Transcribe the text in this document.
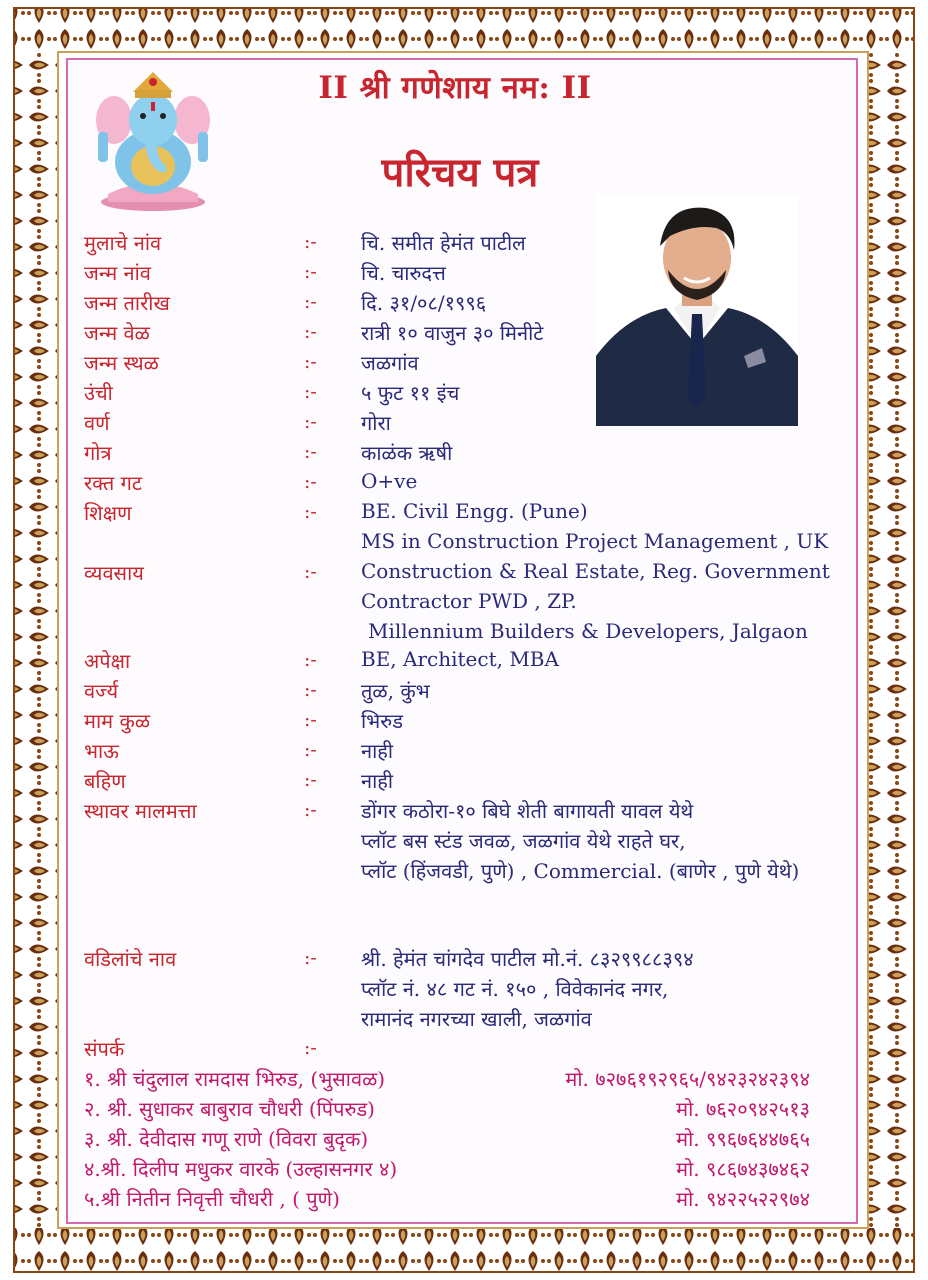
II श्री गणेशाय नम: II
परिचय पत्र
मुलाचे नांव	:- चि. समीत हेमंत पाटील
जन्म नांव	:- चि. चारुदत्त
जन्म तारीख	:- दि. ३१/०८/१९९६
जन्म वेळ	:- रात्री १० वाजुन ३० मिनीटे
जन्म स्थळ	:- जळगांव
उंची	:- ५ फुट ११ इंच
वर्ण	:- गोरा
गोत्र	:- काळंक ऋषी
रक्त गट	:- O+ve
शिक्षण	:- BE. Civil Engg. (Pune)
MS in Construction Project Management , UK
व्यवसाय	:- Construction & Real Estate, Reg. Government
Contractor PWD , ZP.
Millennium Builders & Developers, Jalgaon
अपेक्षा	:- BE, Architect, MBA
वर्ज्य	:- तुळ, कुंभ
माम कुळ	:- भिरुड
भाऊ	:- नाही
बहिण	:- नाही
स्थावर मालमत्ता	:- डोंगर कठोरा-१० बिघे शेती बागायती यावल येथे
प्लॉट बस स्टंड जवळ, जळगांव येथे राहते घर,
प्लॉट (हिंजवडी, पुणे) , Commercial. (बाणेर , पुणे येथे)
वडिलांचे नाव	:- श्री. हेमंत चांगदेव पाटील मो.नं. ८३२९९८८३९४
प्लॉट नं. ४८ गट नं. १५० , विवेकानंद नगर,
रामानंद नगरच्या खाली, जळगांव
संपर्क	:-
१. श्री चंदुलाल रामदास भिरुड, (भुसावळ)	मो. ७२७६१९२९६५/९४२३२४२३९४
२. श्री. सुधाकर बाबुराव चौधरी (पिंपरुड)	मो. ७६२०९४२५१३
३. श्री. देवीदास गणू राणे (विवरा बुदृक)	मो. ९९६७६४४७६५
४.श्री. दिलीप मधुकर वारके (उल्हासनगर ४)	मो. ९८६७४३७४६२
५.श्री नितीन निवृत्ती चौधरी , ( पुणे)	मो. ९४२२५२२९७४
